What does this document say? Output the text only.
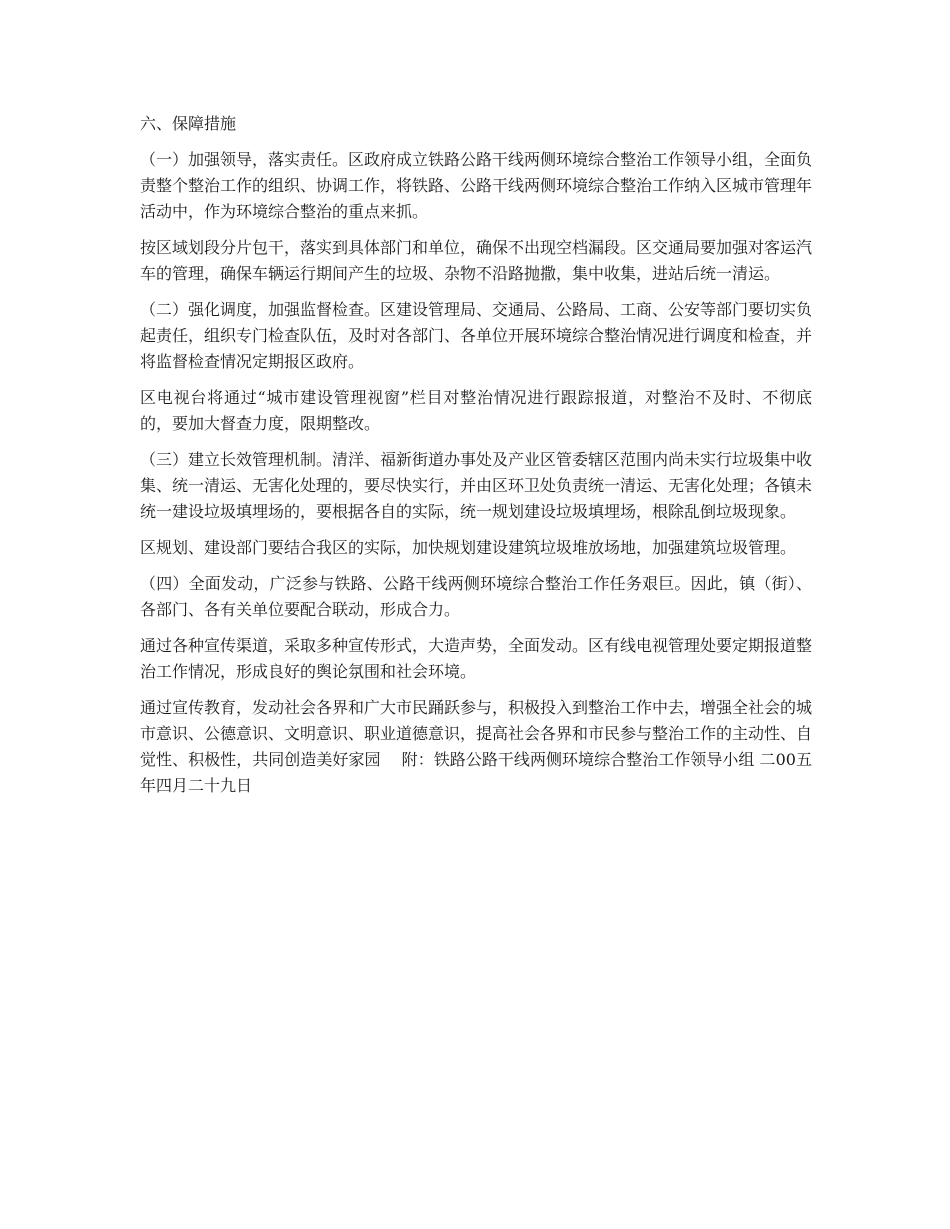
六、保障措施

（一）加强领导，落实责任。区政府成立铁路公路干线两侧环境综合整治工作领导小组，全面负责整个整治工作的组织、协调工作，将铁路、公路干线两侧环境综合整治工作纳入区城市管理年活动中，作为环境综合整治的重点来抓。

按区域划段分片包干，落实到具体部门和单位，确保不出现空档漏段。区交通局要加强对客运汽车的管理，确保车辆运行期间产生的垃圾、杂物不沿路抛撒，集中收集，进站后统一清运。

（二）强化调度，加强监督检查。区建设管理局、交通局、公路局、工商、公安等部门要切实负起责任，组织专门检查队伍，及时对各部门、各单位开展环境综合整治情况进行调度和检查，并将监督检查情况定期报区政府。

区电视台将通过“城市建设管理视窗”栏目对整治情况进行跟踪报道，对整治不及时、不彻底的，要加大督查力度，限期整改。

（三）建立长效管理机制。清洋、福新街道办事处及产业区管委辖区范围内尚未实行垃圾集中收集、统一清运、无害化处理的，要尽快实行，并由区环卫处负责统一清运、无害化处理；各镇未统一建设垃圾填埋场的，要根据各自的实际，统一规划建设垃圾填埋场，根除乱倒垃圾现象。

区规划、建设部门要结合我区的实际，加快规划建设建筑垃圾堆放场地，加强建筑垃圾管理。

（四）全面发动，广泛参与铁路、公路干线两侧环境综合整治工作任务艰巨。因此，镇（街）、各部门、各有关单位要配合联动，形成合力。

通过各种宣传渠道，采取多种宣传形式，大造声势，全面发动。区有线电视管理处要定期报道整治工作情况，形成良好的舆论氛围和社会环境。

通过宣传教育，发动社会各界和广大市民踊跃参与，积极投入到整治工作中去，增强全社会的城市意识、公德意识、文明意识、职业道德意识，提高社会各界和市民参与整治工作的主动性、自觉性、积极性，共同创造美好家园　 附：铁路公路干线两侧环境综合整治工作领导小组 二00五年四月二十九日
